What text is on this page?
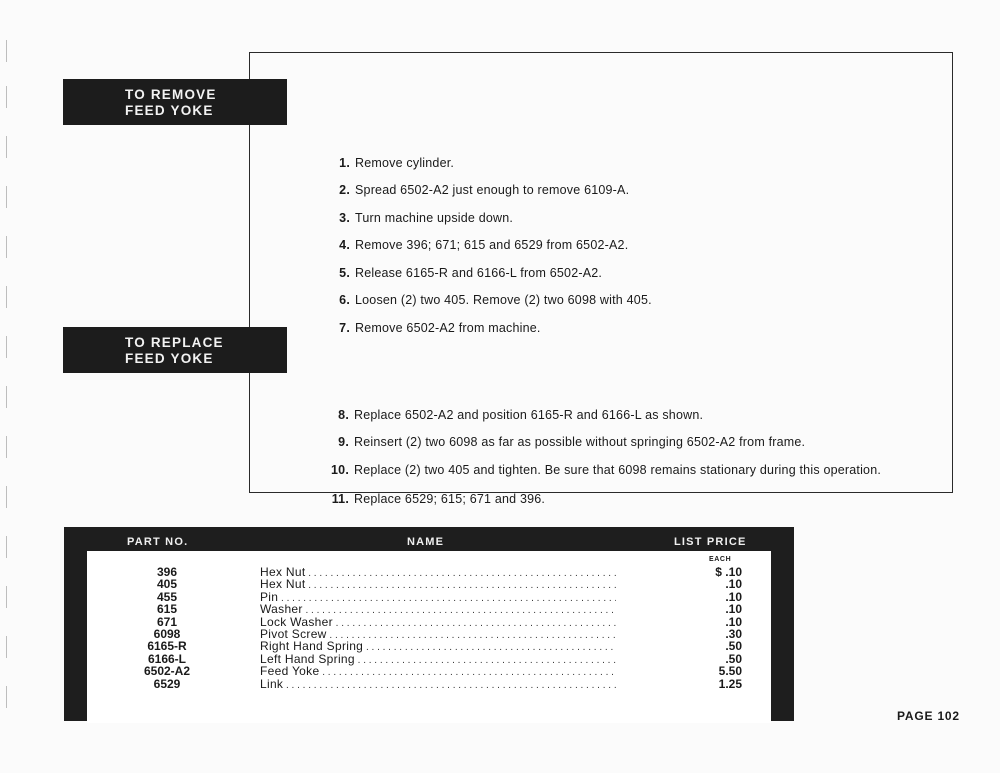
1. Remove cylinder.
2. Spread 6502-A2 just enough to remove 6109-A.
3. Turn machine upside down.
4. Remove 396; 671; 615 and 6529 from 6502-A2.
5. Release 6165-R and 6166-L from 6502-A2.
6. Loosen (2) two 405. Remove (2) two 6098 with 405.
7. Remove 6502-A2 from machine.
8. Replace 6502-A2 and position 6165-R and 6166-L as shown.
9. Reinsert (2) two 6098 as far as possible without springing 6502-A2 from frame.
10. Replace (2) two 405 and tighten. Be sure that 6098 remains stationary during this operation.
11. Replace 6529; 615; 671 and 396.
TO REMOVE
FEED YOKE
TO REPLACE
FEED YOKE
PART NO.	NAME	LIST PRICE
EACH
396	Hex Nut . . .	$ .10
405	Hex Nut . . .	.10
455	Pin . . .	.10
615	Washer . . .	.10
671	Lock Washer . . .	.10
6098	Pivot Screw . . .	.30
6165-R	Right Hand Spring . . .	.50
6166-L	Left Hand Spring . . .	.50
6502-A2	Feed Yoke . . .	5.50
6529	Link . . .	1.25
PAGE 102
